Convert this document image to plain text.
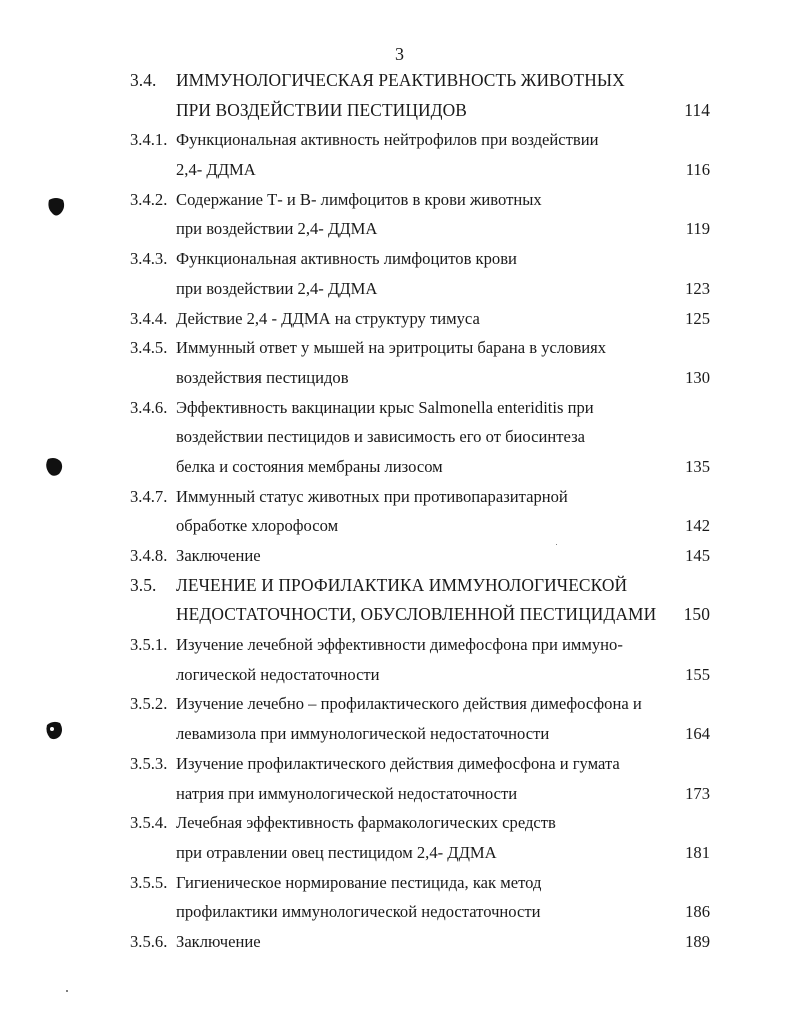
3
3.4. ИММУНОЛОГИЧЕСКАЯ РЕАКТИВНОСТЬ ЖИВОТНЫХ
ПРИ ВОЗДЕЙСТВИИ ПЕСТИЦИДОВ	114
3.4.1. Функциональная активность нейтрофилов при воздействии
2,4- ДДМА	116
3.4.2. Содержание Т- и В- лимфоцитов в крови животных
при воздействии 2,4- ДДМА	119
3.4.3. Функциональная активность лимфоцитов крови
при воздействии 2,4- ДДМА	123
3.4.4. Действие 2,4 - ДДМА на структуру тимуса	125
3.4.5. Иммунный ответ у мышей на эритроциты барана в условиях
воздействия пестицидов	130
3.4.6. Эффективность вакцинации крыс Salmonella enteriditis при
воздействии пестицидов и зависимость его от биосинтеза
белка и состояния мембраны лизосом	135
3.4.7. Иммунный статус животных при противопаразитарной
обработке хлорофосом	142
3.4.8. Заключение	145
3.5. ЛЕЧЕНИЕ И ПРОФИЛАКТИКА ИММУНОЛОГИЧЕСКОЙ
НЕДОСТАТОЧНОСТИ, ОБУСЛОВЛЕННОЙ ПЕСТИЦИДАМИ 150
3.5.1. Изучение лечебной эффективности димефосфона при иммуно-
логической недостаточности	155
3.5.2. Изучение лечебно – профилактического действия димефосфона и
левамизола при иммунологической недостаточности	164
3.5.3. Изучение профилактического действия димефосфона и гумата
натрия при иммунологической недостаточности	173
3.5.4. Лечебная эффективность фармакологических средств
при отравлении овец пестицидом 2,4- ДДМА	181
3.5.5. Гигиеническое нормирование пестицида, как метод
профилактики иммунологической недостаточности	186
3.5.6. Заключение	189
